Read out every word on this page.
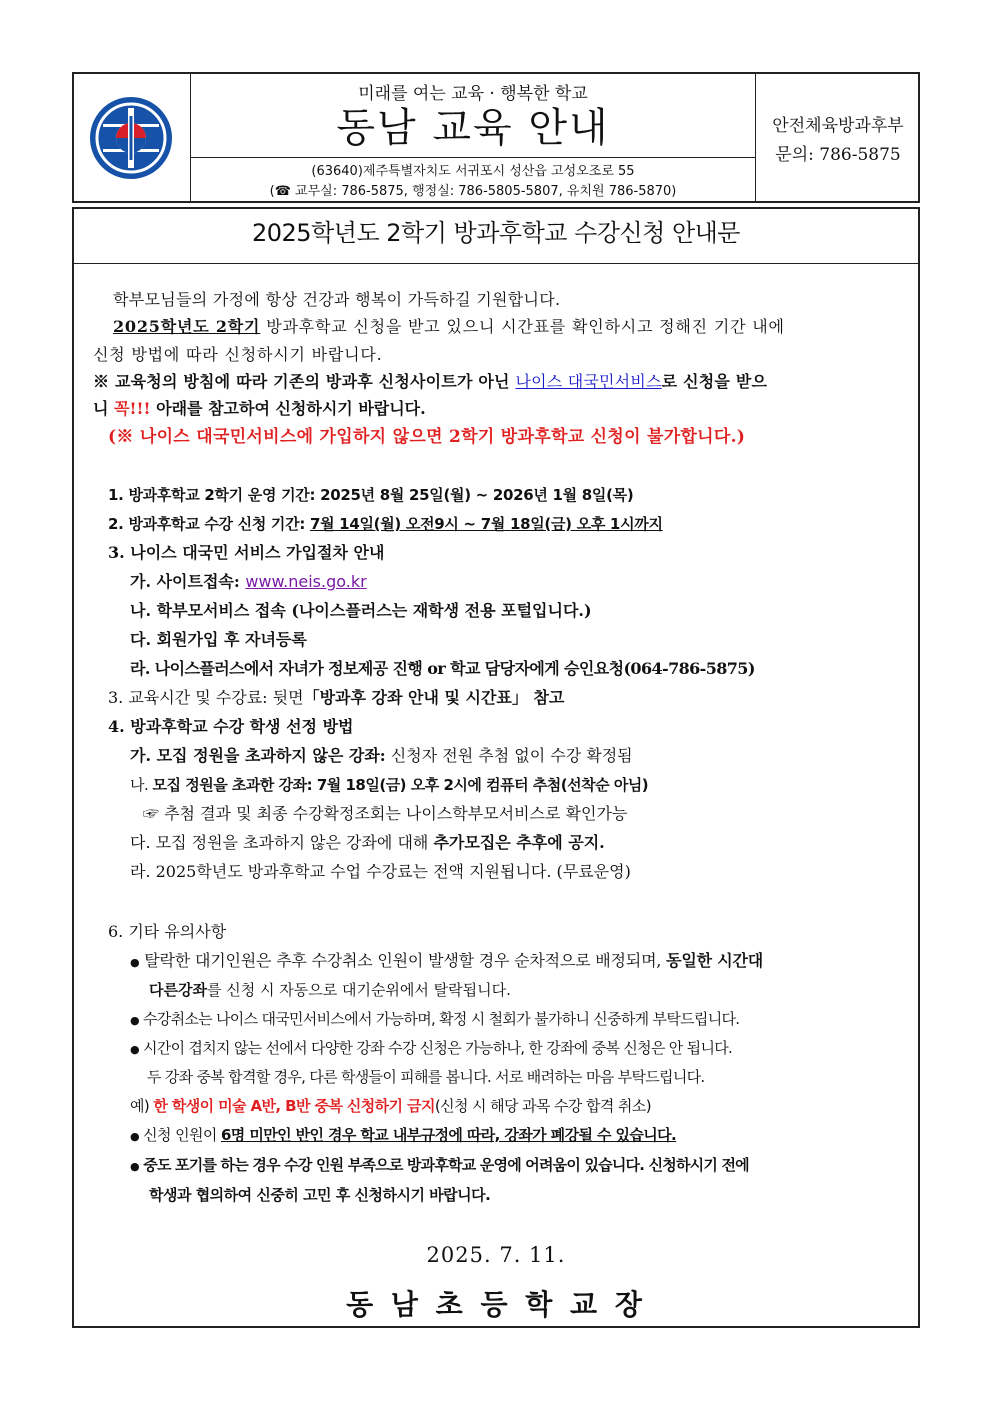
미래를 여는 교육 · 행복한 학교
동남 교육 안내
(63640)제주특별자치도 서귀포시 성산읍 고성오조로 55
(☎ 교무실: 786-5875, 행정실: 786-5805-5807, 유치원 786-5870)
안전체육방과후부
문의: 786-5875
2025학년도 2학기 방과후학교 수강신청 안내문
학부모님들의 가정에 항상 건강과 행복이 가득하길 기원합니다.
2025학년도 2학기 방과후학교 신청을 받고 있으니 시간표를 확인하시고 정해진 기간 내에
신청 방법에 따라 신청하시기 바랍니다.
※ 교육청의 방침에 따라 기존의 방과후 신청사이트가 아닌 나이스 대국민서비스로 신청을 받으
니 꼭!!! 아래를 참고하여 신청하시기 바랍니다.
(※ 나이스 대국민서비스에 가입하지 않으면 2학기 방과후학교 신청이 불가합니다.)
1. 방과후학교 2학기 운영 기간: 2025년 8월 25일(월) ~ 2026년 1월 8일(목)
2. 방과후학교 수강 신청 기간: 7월 14일(월) 오전9시 ~ 7월 18일(금) 오후 1시까지
3. 나이스 대국민 서비스 가입절차 안내
가. 사이트접속: www.neis.go.kr
나. 학부모서비스 접속 (나이스플러스는 재학생 전용 포털입니다.)
다. 회원가입 후 자녀등록
라. 나이스플러스에서 자녀가 정보제공 진행 or 학교 담당자에게 승인요청(064-786-5875)
3. 교육시간 및 수강료: 뒷면「방과후 강좌 안내 및 시간표」 참고
4. 방과후학교 수강 학생 선정 방법
가. 모집 정원을 초과하지 않은 강좌: 신청자 전원 추첨 없이 수강 확정됨
나. 모집 정원을 초과한 강좌: 7월 18일(금) 오후 2시에 컴퓨터 추첨(선착순 아님)
☞ 추첨 결과 및 최종 수강확정조회는 나이스학부모서비스로 확인가능
다. 모집 정원을 초과하지 않은 강좌에 대해 추가모집은 추후에 공지.
라. 2025학년도 방과후학교 수업 수강료는 전액 지원됩니다. (무료운영)
6. 기타 유의사항
● 탈락한 대기인원은 추후 수강취소 인원이 발생할 경우 순차적으로 배정되며, 동일한 시간대
다른강좌를 신청 시 자동으로 대기순위에서 탈락됩니다.
● 수강취소는 나이스 대국민서비스에서 가능하며, 확정 시 철회가 불가하니 신중하게 부탁드립니다.
● 시간이 겹치지 않는 선에서 다양한 강좌 수강 신청은 가능하나, 한 강좌에 중복 신청은 안 됩니다.
두 강좌 중복 합격할 경우, 다른 학생들이 피해를 봅니다. 서로 배려하는 마음 부탁드립니다.
예) 한 학생이 미술 A반, B반 중복 신청하기 금지(신청 시 해당 과목 수강 합격 취소)
● 신청 인원이 6명 미만인 반인 경우 학교 내부규정에 따라, 강좌가 폐강될 수 있습니다.
● 중도 포기를 하는 경우 수강 인원 부족으로 방과후학교 운영에 어려움이 있습니다. 신청하시기 전에
학생과 협의하여 신중히 고민 후 신청하시기 바랍니다.
2025. 7. 11.
동 남 초 등 학 교 장
